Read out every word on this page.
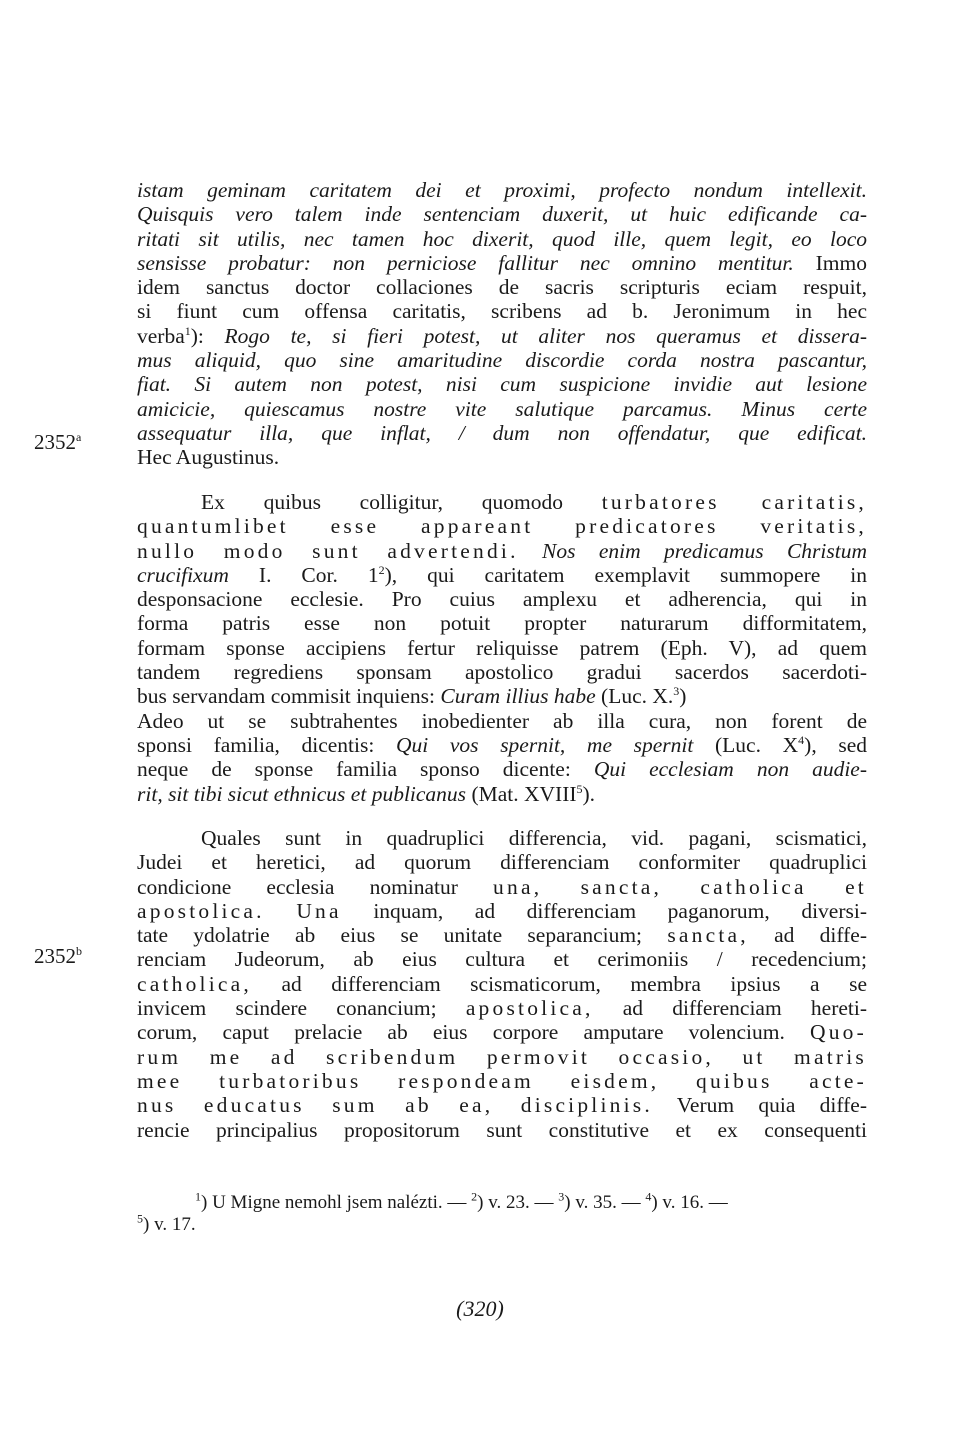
istam geminam caritatem dei et proximi, profecto nondum intellexit.
Quisquis vero talem inde sentenciam duxerit, ut huic edificande ca-
ritati sit utilis, nec tamen hoc dixerit, quod ille, quem legit, eo loco
sensisse probatur: non perniciose fallitur nec omnino mentitur. Immo
idem sanctus doctor collaciones de sacris scripturis eciam respuit,
si fiunt cum offensa caritatis, scribens ad b. Jeronimum in hec
verba$^1$): Rogo te, si fieri potest, ut aliter nos queramus et dissera-
mus aliquid, quo sine amaritudine discordie corda nostra pascantur,
fiat. Si autem non potest, nisi cum suspicione invidie aut lesione
amicicie, quiescamus nostre vite salutique parcamus. Minus certe
assequatur illa, que inflat, / dum non offendatur, que edificat.
Hec Augustinus.
2352$^a$
Ex quibus colligitur, quomodo turbatores caritatis,
quantumlibet esse appareant predicatores veritatis,
nullo modo sunt advertendi. Nos enim predicamus Christum
crucifixum I. Cor. $1^2$), qui caritatem exemplavit summopere in
desponsacione ecclesie. Pro cuius amplexu et adherencia, qui in
forma patris esse non potuit propter naturarum difformitatem,
formam sponse accipiens fertur reliquisse patrem (Eph. V), ad quem
tandem regrediens sponsam apostolico gradui sacerdos sacerdoti-
bus servandam commisit inquiens: Curam illius habe (Luc. X.$^3$)
Adeo ut se subtrahentes inobedienter ab illa cura, non forent de
sponsi familia, dicentis: Qui vos spernit, me spernit (Luc. $X^4$), sed
neque de sponse familia sponso dicente: Qui ecclesiam non audie-
rit, sit tibi sicut ethnicus et publicanus (Mat. XVIII$^5$).
Quales sunt in quadruplici differencia, vid. pagani, scismatici,
Judei et heretici, ad quorum differenciam conformiter quadruplici
condicione ecclesia nominatur una, sancta, catholica et
apostolica. Una inquam, ad differenciam paganorum, diversi-
tate ydolatrie ab eius se unitate separancium; sancta, ad diffe-
renciam Judeorum, ab eius cultura et cerimoniis / recedencium;
catholica, ad differenciam scismaticorum, membra ipsius a se
invicem scindere conancium; apostolica, ad differenciam hereti-
corum, caput prelacie ab eius corpore amputare volencium. Quo-
rum me ad scribendum permovit occasio, ut matris
mee turbatoribus respondeam eisdem, quibus acte-
nus educatus sum ab ea, disciplinis. Verum quia diffe-
rencie principalius propositorum sunt constitutive et ex consequenti
2352$^b$
$^1$) U Migne nemohl jsem nalézti. — $^2$) v. 23. — $^3$) v. 35. — $^4$) v. 16. —
$^5$) v. 17.
(320)
